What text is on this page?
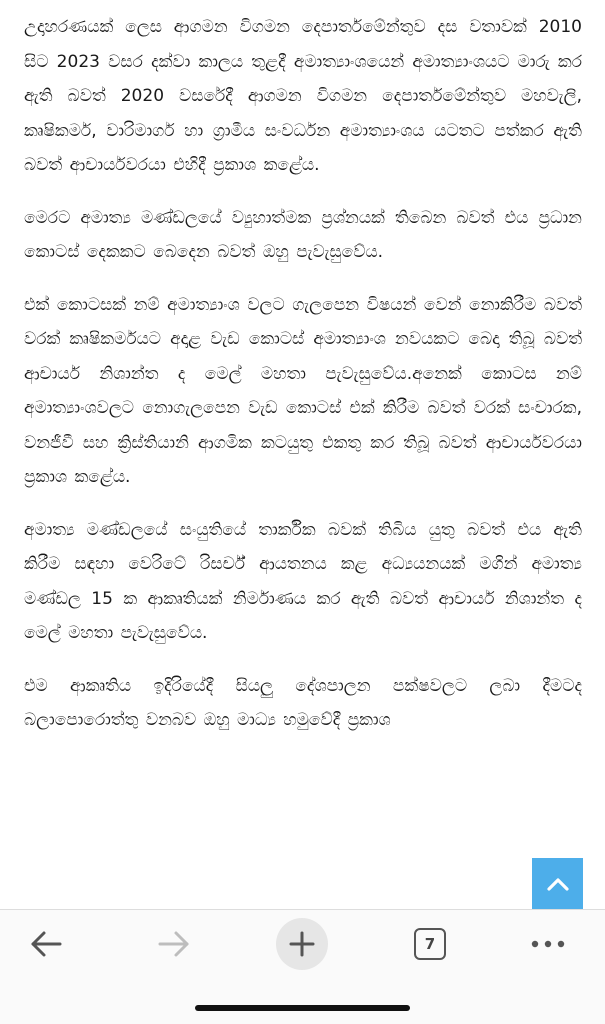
උදාහරණයක් ලෙස ආගමන විගමන දෙපාර්තමේන්තුව දස වතාවක් 2010 සිට 2023 වසර දක්වා කාලය තුළදී අමාත්‍යාංශයෙන් අමාත්‍යාංශයට මාරු කර ඇති බවත් 2020 වසරේදී ආගමන විගමන දෙපාර්තමේන්තුව මහවැලි, කෘෂිකර්ම, වාරිමාර්ග හා ග්‍රාමීය සංවර්ධන අමාත්‍යාංශය යටතට පත්කර ඇති බවත් ආචාර්යවරයා එහිදී ප්‍රකාශ කළේය.

මෙරට අමාත්‍ය මණ්ඩලයේ ව්‍යුහාත්මක ප්‍රශ්නයක් තිබෙන බවත් එය ප්‍රධාන කොටස් දෙකකට බෙදෙන බවත් ඔහු පැවැසුවේය.

එක් කොටසක් නම් අමාත්‍යාංශ වලට ගැලපෙන විෂයන් වෙන් නොකිරීම බවත් වරක් කෘෂිකර්මයට අදාළ වැඩ කොටස් අමාත්‍යාංශ නවයකට බෙදා තිබූ බවත් ආචාර්ය නිශාන්ත ද මෙල් මහතා පැවැසුවේය.අනෙක් කොටස නම් අමාත්‍යාංශවලට නොගැලපෙන වැඩ කොටස් එක් කිරීම බවත් වරක් සංචාරක, වනජීවී සහ ක්‍රිස්තියානි ආගමික කටයුතු එකතු කර තිබූ බවත් ආචාර්යවරයා ප්‍රකාශ කළේය.

අමාත්‍ය මණ්ඩලයේ සංයුතියේ තාර්කික බවක් තිබිය යුතු බවත් එය ඇති කිරීම සඳහා වෙරිටේ රිසර්ච් ආයතනය කළ අධ්‍යයනයක් මගින් අමාත්‍ය මණ්ඩල 15 ක ආකෘතියක් නිර්මාණය කර ඇති බවත් ආචාර්ය නිශාන්ත ද මෙල් මහතා පැවැසුවේය.

එම ආකෘතිය ඉදිරියේදී සියලු දේශපාලන පක්ෂවලට ලබා දීමටද බලාපොරොත්තු වනබව ඔහු මාධ්‍ය හමුවේදී ප්‍රකාශ

7
